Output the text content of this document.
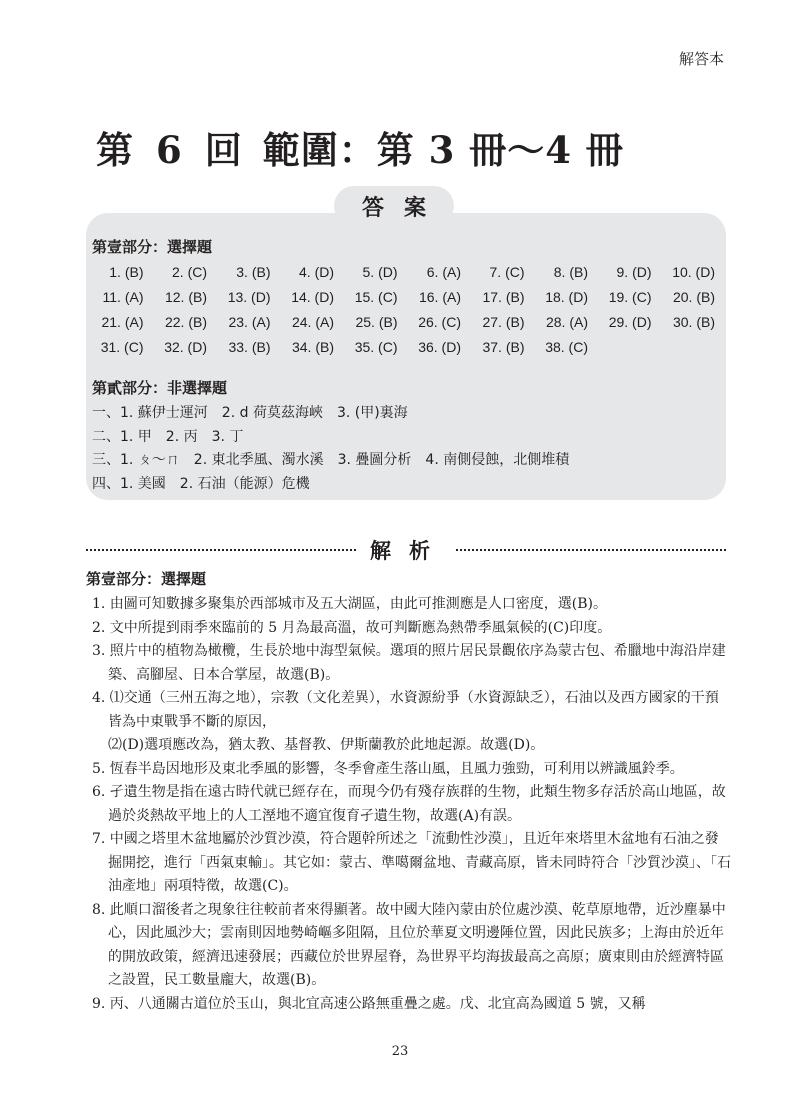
解答本
第 6 回 範圍：第 3 冊～4 冊
答案
第壹部分：選擇題
1. (B)	2. (C)	3. (B)	4. (D)	5. (D)	6. (A)	7. (C)	8. (B)	9. (D)	10. (D)
11. (A)	12. (B)	13. (D)	14. (D)	15. (C)	16. (A)	17. (B)	18. (D)	19. (C)	20. (B)
21. (A)	22. (B)	23. (A)	24. (A)	25. (B)	26. (C)	27. (B)	28. (A)	29. (D)	30. (B)
31. (C)	32. (D)	33. (B)	34. (B)	35. (C)	36. (D)	37. (B)	38. (C)
第貳部分：非選擇題
一、1. 蘇伊士運河　2. d 荷莫茲海峽　3. (甲)裏海
二、1. 甲　2. 丙　3. 丁
三、1. ㄆ～ㄇ　2. 東北季風、濁水溪　3. 疊圖分析　4. 南側侵蝕，北側堆積
四、1. 美國　2. 石油（能源）危機
解析
第壹部分：選擇題
1. 由圖可知數據多聚集於西部城市及五大湖區，由此可推測應是人口密度，選(B)。
2. 文中所提到雨季來臨前的 5 月為最高溫，故可判斷應為熱帶季風氣候的(C)印度。
3. 照片中的植物為橄欖，生長於地中海型氣候。選項的照片居民景觀依序為蒙古包、希臘地中海沿岸建築、高腳屋、日本合掌屋，故選(B)。
4. ⑴交通（三州五海之地），宗教（文化差異），水資源紛爭（水資源缺乏），石油以及西方國家的干預皆為中東戰爭不斷的原因，
⑵(D)選項應改為，猶太教、基督教、伊斯蘭教於此地起源。故選(D)。
5. 恆春半島因地形及東北季風的影響，冬季會產生落山風，且風力強勁，可利用以辨識風鈴季。
6. 孑遺生物是指在遠古時代就已經存在，而現今仍有殘存族群的生物，此類生物多存活於高山地區，故過於炎熱故平地上的人工溼地不適宜復育孑遺生物，故選(A)有誤。
7. 中國之塔里木盆地屬於沙質沙漠，符合題幹所述之「流動性沙漠」，且近年來塔里木盆地有石油之發掘開挖，進行「西氣東輸」。其它如：蒙古、準噶爾盆地、青藏高原，皆未同時符合「沙質沙漠」、「石油產地」兩項特徵，故選(C)。
8. 此順口溜後者之現象往往較前者來得顯著。故中國大陸內蒙由於位處沙漠、乾草原地帶，近沙塵暴中心，因此風沙大；雲南則因地勢崎嶇多阻隔，且位於華夏文明邊陲位置，因此民族多；上海由於近年的開放政策，經濟迅速發展；西藏位於世界屋脊，為世界平均海拔最高之高原；廣東則由於經濟特區之設置，民工數量龐大，故選(B)。
9. 丙、八通關古道位於玉山，與北宜高速公路無重疊之處。戊、北宜高為國道 5 號，又稱
23
